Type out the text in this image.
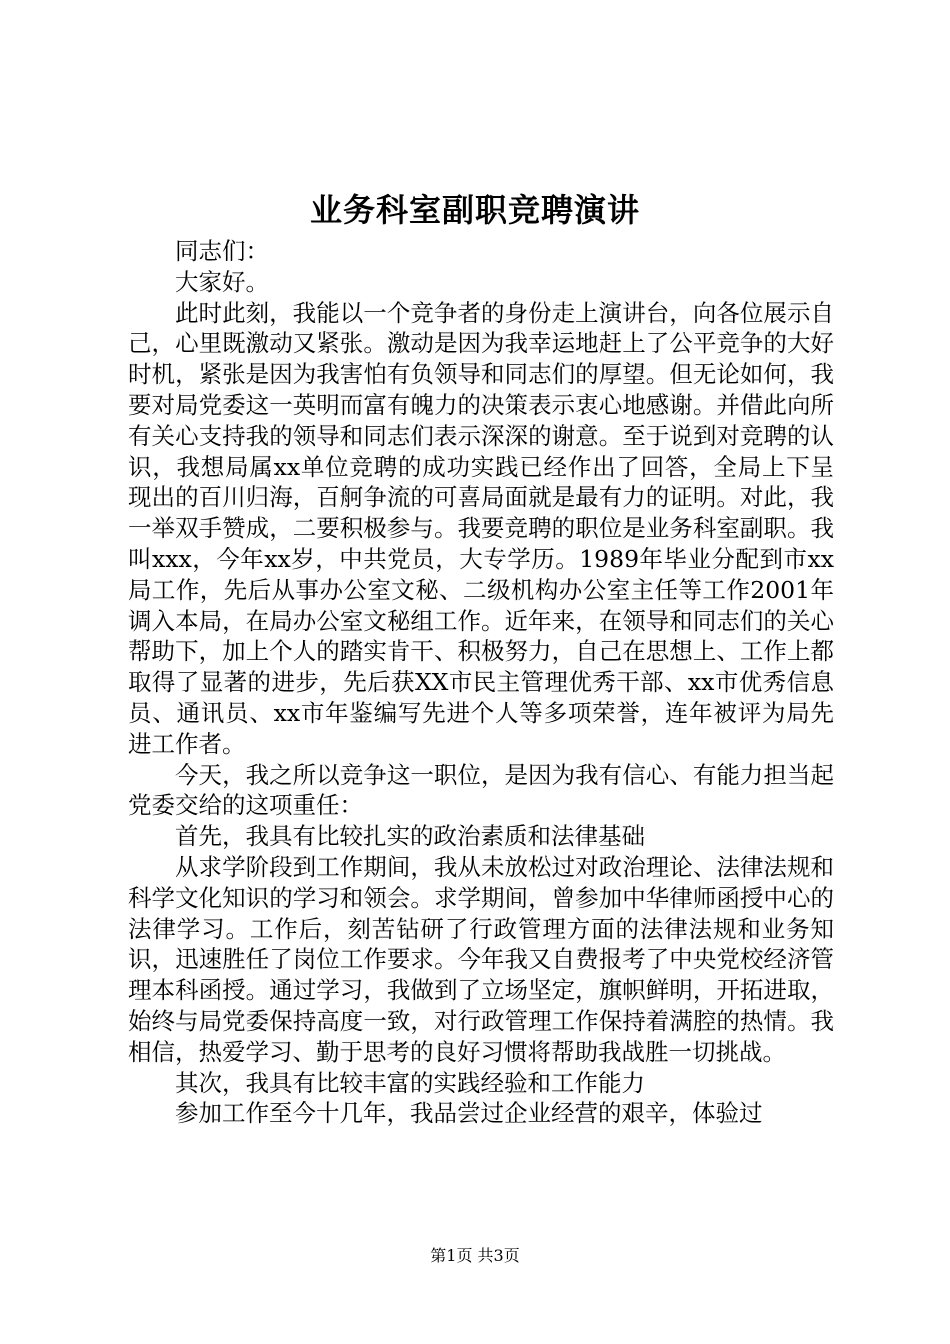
业务科室副职竞聘演讲

同志们：

大家好。

此时此刻，我能以一个竞争者的身份走上演讲台，向各位展示自己，心里既激动又紧张。激动是因为我幸运地赶上了公平竞争的大好时机，紧张是因为我害怕有负领导和同志们的厚望。但无论如何，我要对局党委这一英明而富有魄力的决策表示衷心地感谢。并借此向所有关心支持我的领导和同志们表示深深的谢意。至于说到对竞聘的认识，我想局属xx单位竞聘的成功实践已经作出了回答，全局上下呈现出的百川归海，百舸争流的可喜局面就是最有力的证明。对此，我一举双手赞成，二要积极参与。我要竞聘的职位是业务科室副职。我叫xxx，今年xx岁，中共党员，大专学历。1989年毕业分配到市xx局工作，先后从事办公室文秘、二级机构办公室主任等工作2001年调入本局，在局办公室文秘组工作。近年来，在领导和同志们的关心帮助下，加上个人的踏实肯干、积极努力，自己在思想上、工作上都取得了显著的进步，先后获XX市民主管理优秀干部、xx市优秀信息员、通讯员、xx市年鉴编写先进个人等多项荣誉，连年被评为局先进工作者。

今天，我之所以竞争这一职位，是因为我有信心、有能力担当起党委交给的这项重任：

首先，我具有比较扎实的政治素质和法律基础

从求学阶段到工作期间，我从未放松过对政治理论、法律法规和科学文化知识的学习和领会。求学期间，曾参加中华律师函授中心的法律学习。工作后，刻苦钻研了行政管理方面的法律法规和业务知识，迅速胜任了岗位工作要求。今年我又自费报考了中央党校经济管理本科函授。通过学习，我做到了立场坚定，旗帜鲜明，开拓进取，始终与局党委保持高度一致，对行政管理工作保持着满腔的热情。我相信，热爱学习、勤于思考的良好习惯将帮助我战胜一切挑战。

其次，我具有比较丰富的实践经验和工作能力

参加工作至今十几年，我品尝过企业经营的艰辛，体验过

第1页 共3页
